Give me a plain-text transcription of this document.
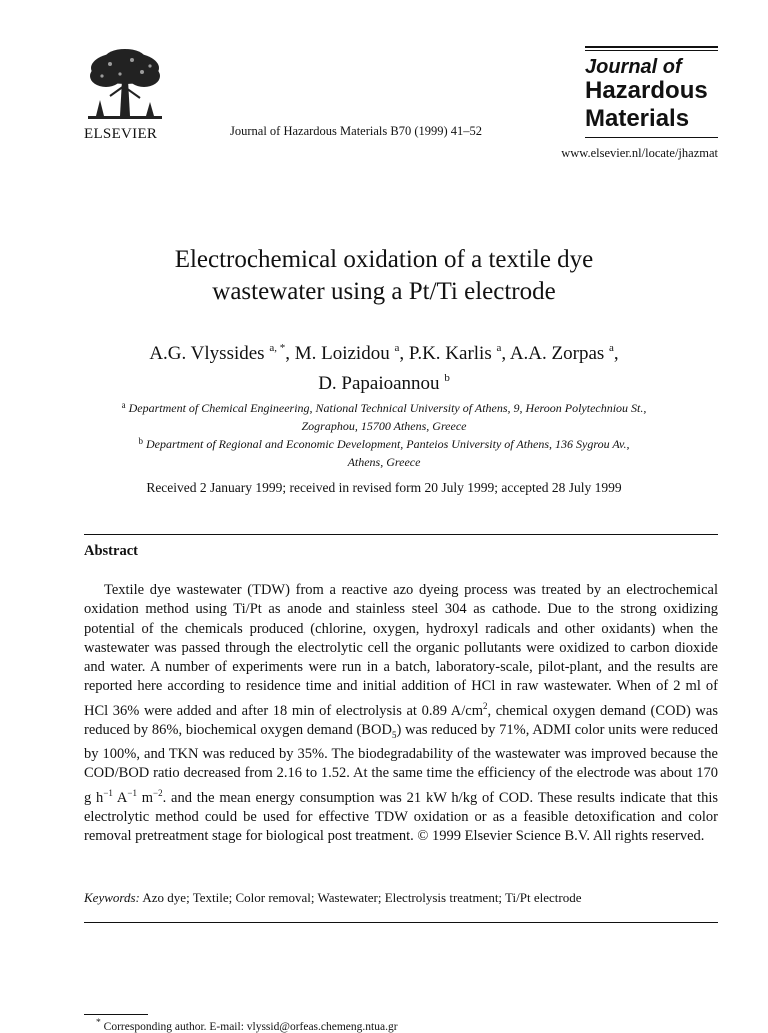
ELSEVIER	Journal of Hazardous Materials B70 (1999) 41–52
Journal of
Hazardous
Materials
www.elsevier.nl/locate/jhazmat
Electrochemical oxidation of a textile dye
wastewater using a Pt/Ti electrode
A.G. Vlyssides $^{a, *}$, M. Loizidou $^a$, P.K. Karlis $^a$, A.A. Zorpas $^a$,
D. Papaioannou $^b$
$^a$ Department of Chemical Engineering, National Technical University of Athens, 9, Heroon Polytechniou St.,
Zographou, 15700 Athens, Greece
$^b$ Department of Regional and Economic Development, Panteios University of Athens, 136 Sygrou Av.,
Athens, Greece
Received 2 January 1999; received in revised form 20 July 1999; accepted 28 July 1999
Abstract
Textile dye wastewater (TDW) from a reactive azo dyeing process was treated by an electrochemical oxidation method using Ti/Pt as anode and stainless steel 304 as cathode. Due to the strong oxidizing potential of the chemicals produced (chlorine, oxygen, hydroxyl radicals and other oxidants) when the wastewater was passed through the electrolytic cell the organic pollutants were oxidized to carbon dioxide and water. A number of experiments were run in a batch, laboratory-scale, pilot-plant, and the results are reported here according to residence time and initial addition of HCl in raw wastewater. When of 2 ml of HCl 36% were added and after 18 min of electrolysis at 0.89 $A/cm^2$, chemical oxygen demand (COD) was reduced by 86%, biochemical oxygen demand $(BOD_5)$ was reduced by 71%, ADMI color units were reduced by 100%, and TKN was reduced by 35%. The biodegradability of the wastewater was improved because the COD/BOD ratio decreased from 2.16 to 1.52. At the same time the efficiency of the electrode was about 170 g $h^{-1}$ $A^{-1}$ $m^{-2}$. and the mean energy consumption was 21 kW h/kg of COD. These results indicate that this electrolytic method could be used for effective TDW oxidation or as a feasible detoxification and color removal pretreatment stage for biological post treatment. © 1999 Elsevier Science B.V. All rights reserved.
Keywords: Azo dye; Textile; Color removal; Wastewater; Electrolysis treatment; Ti/Pt electrode
* Corresponding author. E-mail: vlyssid@orfeas.chemeng.ntua.gr
